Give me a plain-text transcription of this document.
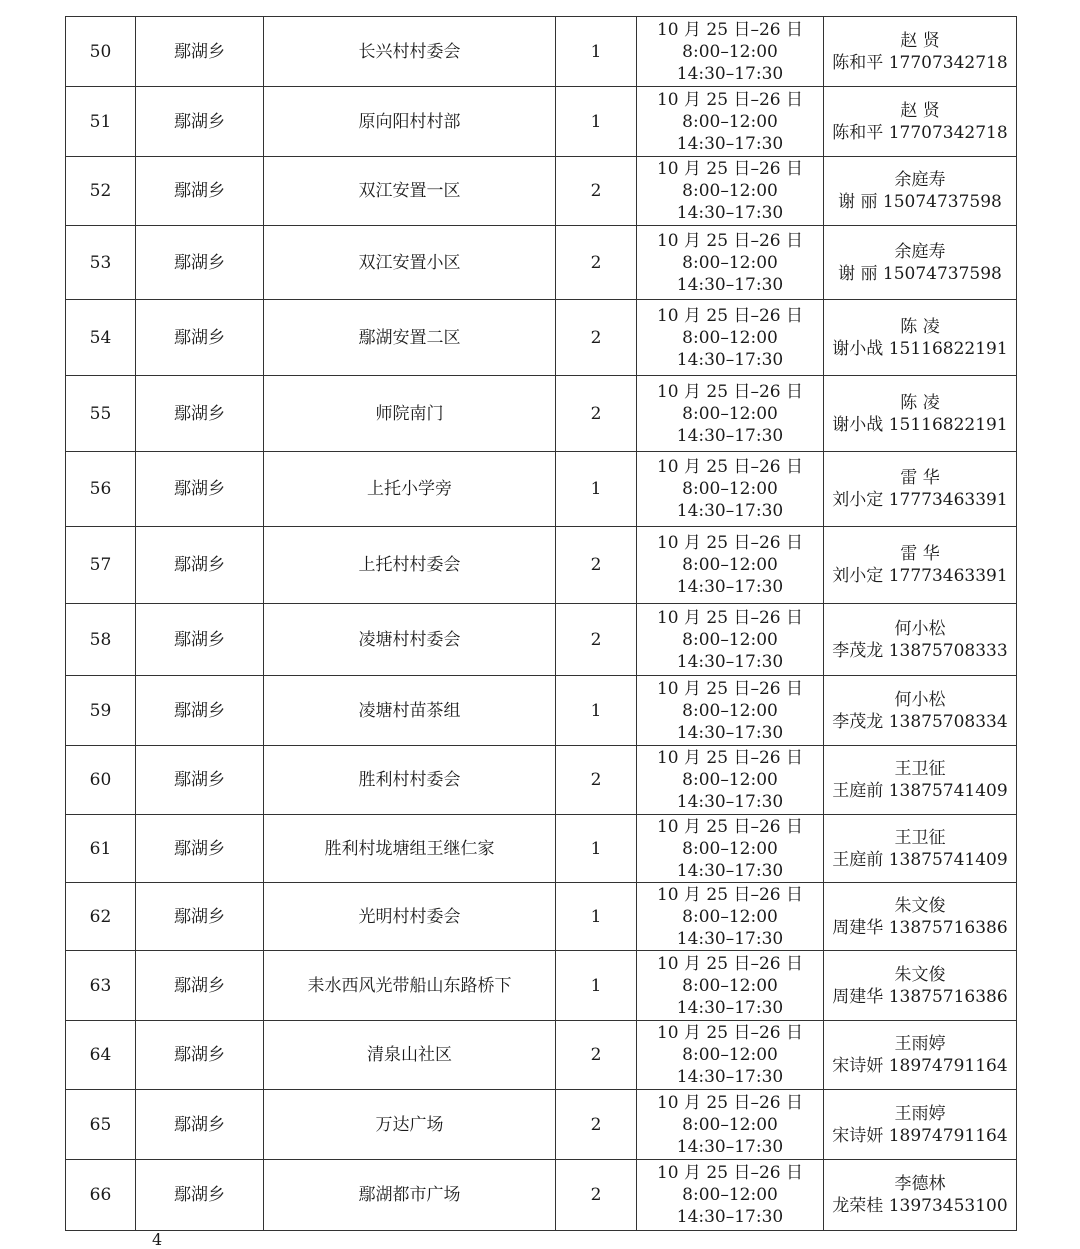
50	鄢湖乡	长兴村村委会	1	10 月 25 日–26 日
8:00–12:00
14:30–17:30	赵 贤
陈和平 17707342718

51	鄢湖乡	原向阳村村部	1	10 月 25 日–26 日
8:00–12:00
14:30–17:30	赵 贤
陈和平 17707342718

52	鄢湖乡	双江安置一区	2	10 月 25 日–26 日
8:00–12:00
14:30–17:30	余庭寿
谢 丽 15074737598

53	鄢湖乡	双江安置小区	2	10 月 25 日–26 日
8:00–12:00
14:30–17:30	余庭寿
谢 丽 15074737598

54	鄢湖乡	鄢湖安置二区	2	10 月 25 日–26 日
8:00–12:00
14:30–17:30	陈 凌
谢小战 15116822191

55	鄢湖乡	师院南门	2	10 月 25 日–26 日
8:00–12:00
14:30–17:30	陈 凌
谢小战 15116822191

56	鄢湖乡	上托小学旁	1	10 月 25 日–26 日
8:00–12:00
14:30–17:30	雷 华
刘小定 17773463391

57	鄢湖乡	上托村村委会	2	10 月 25 日–26 日
8:00–12:00
14:30–17:30	雷 华
刘小定 17773463391

58	鄢湖乡	凌塘村村委会	2	10 月 25 日–26 日
8:00–12:00
14:30–17:30	何小松
李茂龙 13875708333

59	鄢湖乡	凌塘村苗茶组	1	10 月 25 日–26 日
8:00–12:00
14:30–17:30	何小松
李茂龙 13875708334

60	鄢湖乡	胜利村村委会	2	10 月 25 日–26 日
8:00–12:00
14:30–17:30	王卫征
王庭前 13875741409

61	鄢湖乡	胜利村垅塘组王继仁家	1	10 月 25 日–26 日
8:00–12:00
14:30–17:30	王卫征
王庭前 13875741409

62	鄢湖乡	光明村村委会	1	10 月 25 日–26 日
8:00–12:00
14:30–17:30	朱文俊
周建华 13875716386

63	鄢湖乡	耒水西风光带船山东路桥下	1	10 月 25 日–26 日
8:00–12:00
14:30–17:30	朱文俊
周建华 13875716386

64	鄢湖乡	清泉山社区	2	10 月 25 日–26 日
8:00–12:00
14:30–17:30	王雨婷
宋诗妍 18974791164

65	鄢湖乡	万达广场	2	10 月 25 日–26 日
8:00–12:00
14:30–17:30	王雨婷
宋诗妍 18974791164

66	鄢湖乡	鄢湖都市广场	2	10 月 25 日–26 日
8:00–12:00
14:30–17:30	李德林
龙荣桂 13973453100
4
